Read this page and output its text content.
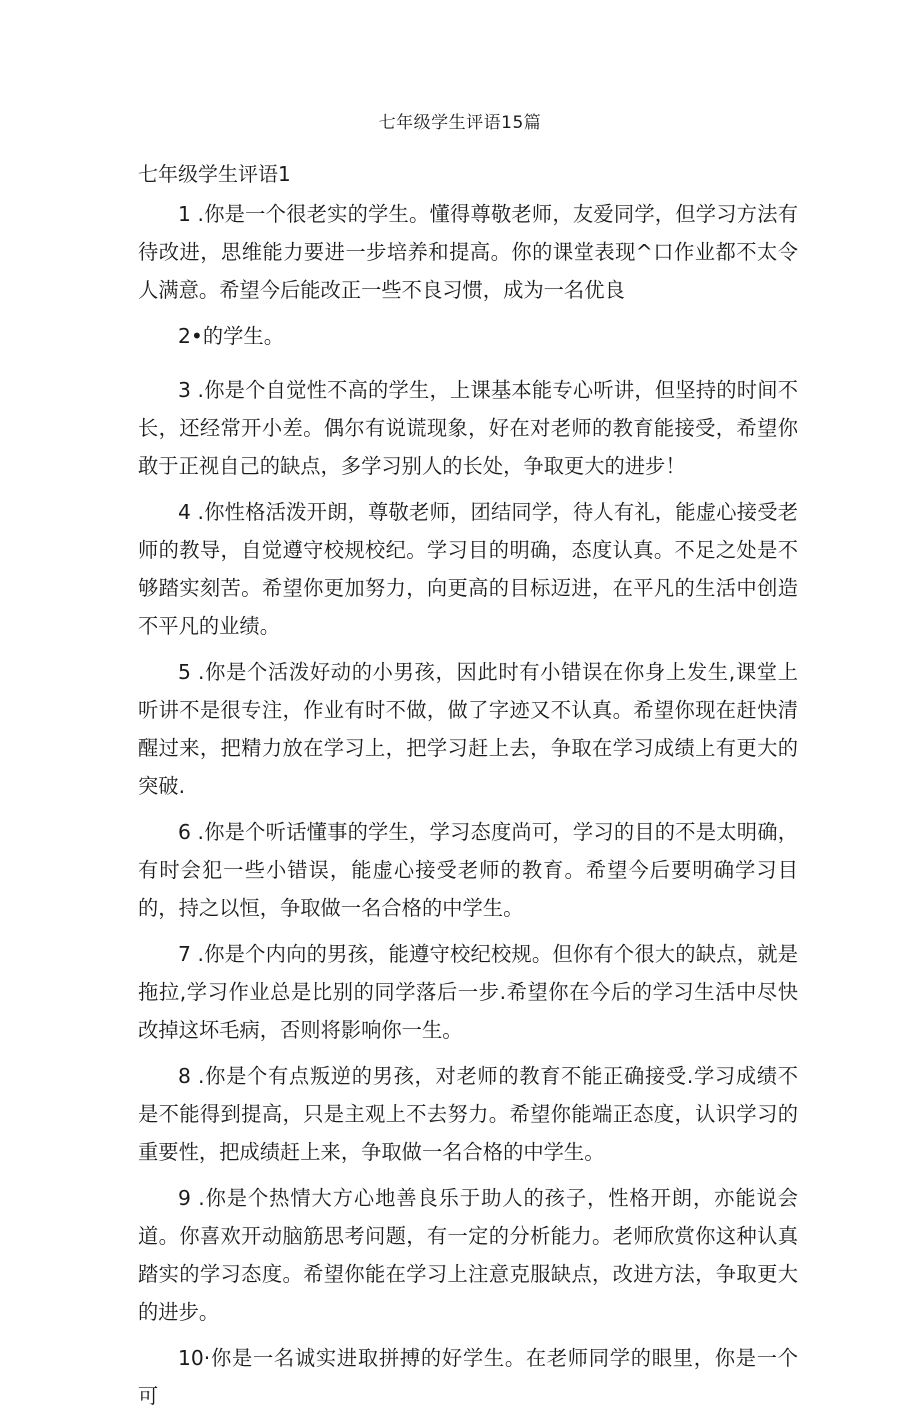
七年级学生评语15篇
七年级学生评语1

1 .你是一个很老实的学生。懂得尊敬老师，友爱同学，但学习方法有待改进，思维能力要进一步培养和提高。你的课堂表现^口作业都不太令人满意。希望今后能改正一些不良习惯，成为一名优良

2•的学生。

3 .你是个自觉性不高的学生，上课基本能专心听讲，但坚持的时间不长，还经常开小差。偶尔有说谎现象，好在对老师的教育能接受，希望你敢于正视自己的缺点，多学习别人的长处，争取更大的进步！

4 .你性格活泼开朗，尊敬老师，团结同学，待人有礼，能虚心接受老师的教导，自觉遵守校规校纪。学习目的明确，态度认真。不足之处是不够踏实刻苦。希望你更加努力，向更高的目标迈进，在平凡的生活中创造不平凡的业绩。

5 .你是个活泼好动的小男孩，因此时有小错误在你身上发生,课堂上听讲不是很专注，作业有时不做，做了字迹又不认真。希望你现在赶快清醒过来，把精力放在学习上，把学习赶上去，争取在学习成绩上有更大的突破.

6 .你是个听话懂事的学生，学习态度尚可，学习的目的不是太明确，有时会犯一些小错误，能虚心接受老师的教育。希望今后要明确学习目的，持之以恒，争取做一名合格的中学生。

7 .你是个内向的男孩，能遵守校纪校规。但你有个很大的缺点，就是拖拉,学习作业总是比别的同学落后一步.希望你在今后的学习生活中尽快改掉这坏毛病，否则将影响你一生。

8 .你是个有点叛逆的男孩，对老师的教育不能正确接受.学习成绩不是不能得到提高，只是主观上不去努力。希望你能端正态度，认识学习的重要性，把成绩赶上来，争取做一名合格的中学生。

9 .你是个热情大方心地善良乐于助人的孩子，性格开朗，亦能说会道。你喜欢开动脑筋思考问题，有一定的分析能力。老师欣赏你这种认真踏实的学习态度。希望你能在学习上注意克服缺点，改进方法，争取更大的进步。

10·你是一名诚实进取拼搏的好学生。在老师同学的眼里，你是一个可
